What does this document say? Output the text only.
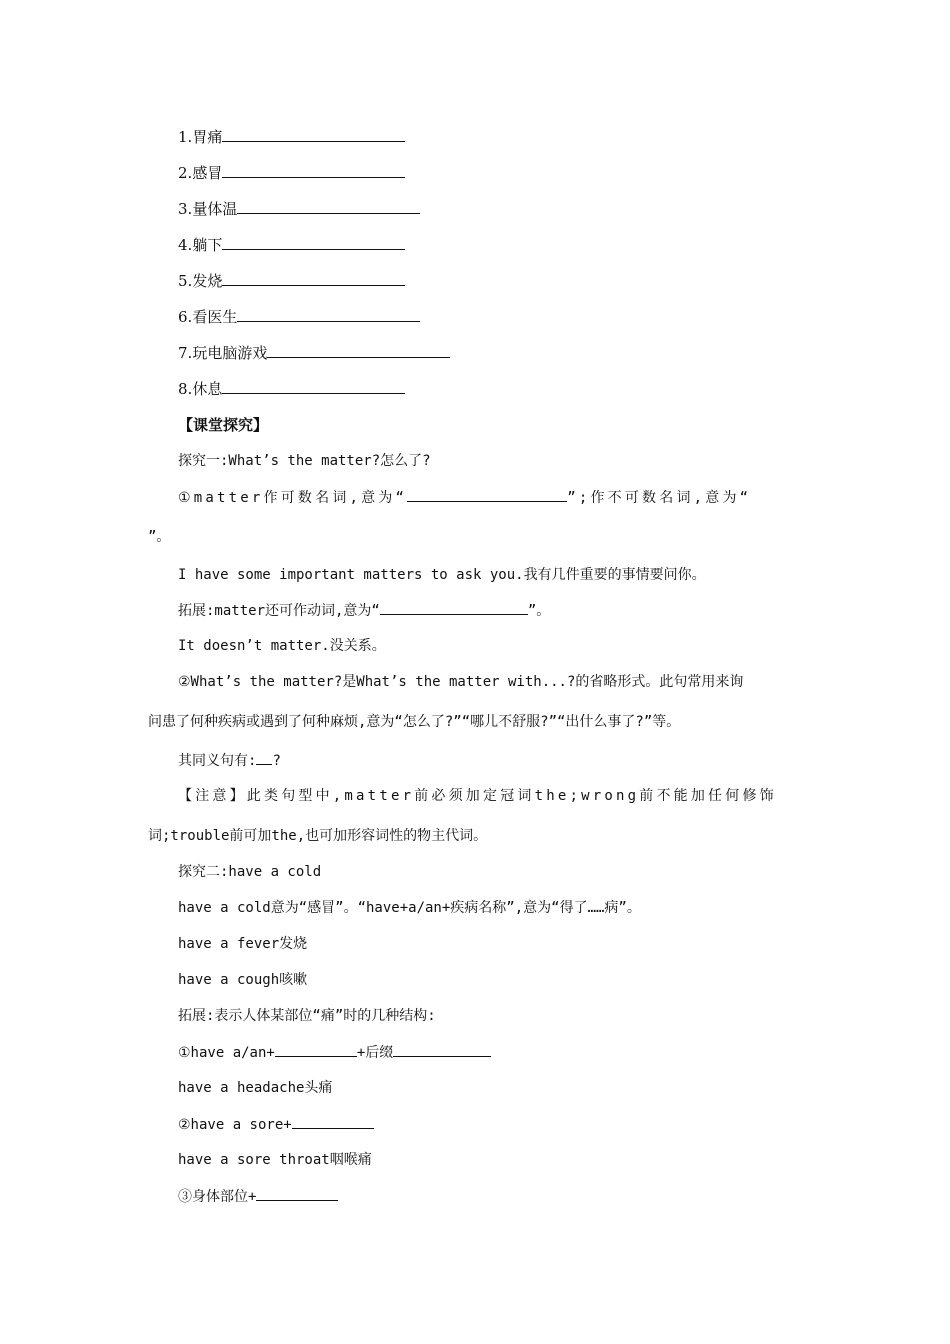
1.胃痛
2.感冒
3.量体温
4.躺下
5.发烧
6.看医生
7.玩电脑游戏
8.休息
【课堂探究】
探究一:What’s the matter?怎么了?
①matter作可数名词,意为“	”;作不可数名词,意为“
”。
I have some important matters to ask you.我有几件重要的事情要问你。
拓展:matter还可作动词,意为“	”。
It doesn’t matter.没关系。
②What’s the matter?是What’s the matter with...?的省略形式。此句常用来询
问患了何种疾病或遇到了何种麻烦,意为“怎么了?”“哪儿不舒服?”“出什么事了?”等。
其同义句有: ?
【注意】此类句型中,matter前必须加定冠词the;wrong前不能加任何修饰
词;trouble前可加the,也可加形容词性的物主代词。
探究二:have a cold
have a cold意为“感冒”。“have+a/an+疾病名称”,意为“得了……病”。
have a fever发烧
have a cough咳嗽
拓展:表示人体某部位“痛”时的几种结构:
①have a/an+	+后缀
have a headache头痛
②have a sore+
have a sore throat咽喉痛
③身体部位+
